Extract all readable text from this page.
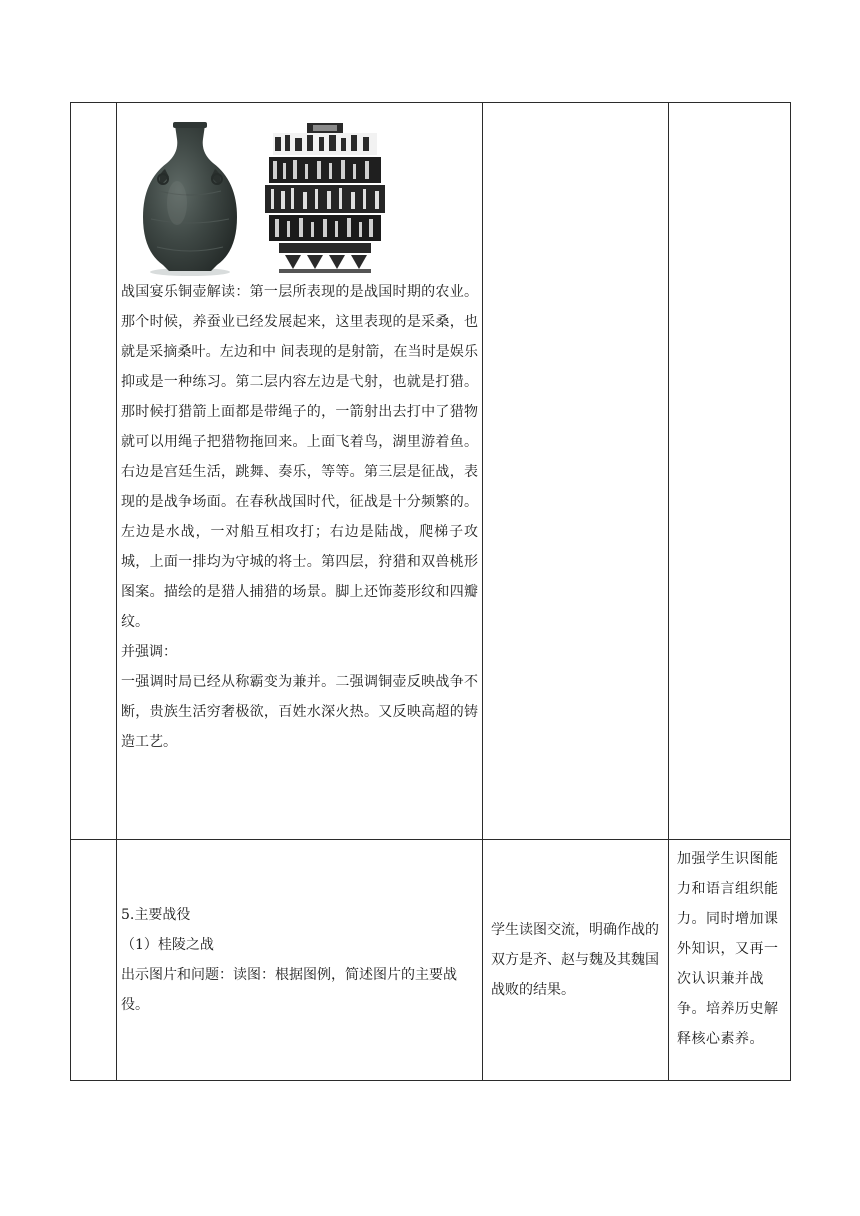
	战国宴乐铜壶解读：第一层所表现的是战国时期的农业。那个时候，养蚕业已经发展起来，这里表现的是采桑，也就是采摘桑叶。左边和中 间表现的是射箭，在当时是娱乐抑或是一种练习。第二层内容左边是弋射，也就是打猎。那时候打猎箭上面都是带绳子的，一箭射出去打中了猎物就可以用绳子把猎物拖回来。上面飞着鸟，湖里游着鱼。右边是宫廷生活，跳舞、奏乐，等等。第三层是征战，表现的是战争场面。在春秋战国时代，征战是十分频繁的。左边是水战，一对船互相攻打；右边是陆战，爬梯子攻城，上面一排均为守城的将士。第四层，狩猎和双兽桃形图案。描绘的是猎人捕猎的场景。脚上还饰菱形纹和四瓣纹。

并强调：

一强调时局已经从称霸变为兼并。二强调铜壶反映战争不断，贵族生活穷奢极欲，百姓水深火热。又反映高超的铸造工艺。		

	5.主要战役

（1）桂陵之战

出示图片和问题：读图：根据图例，简述图片的主要战役。	学生读图交流，明确作战的双方是齐、赵与魏及其魏国战败的结果。	加强学生识图能力和语言组织能力。同时增加课外知识，又再一次认识兼并战争。培养历史解释核心素养。
